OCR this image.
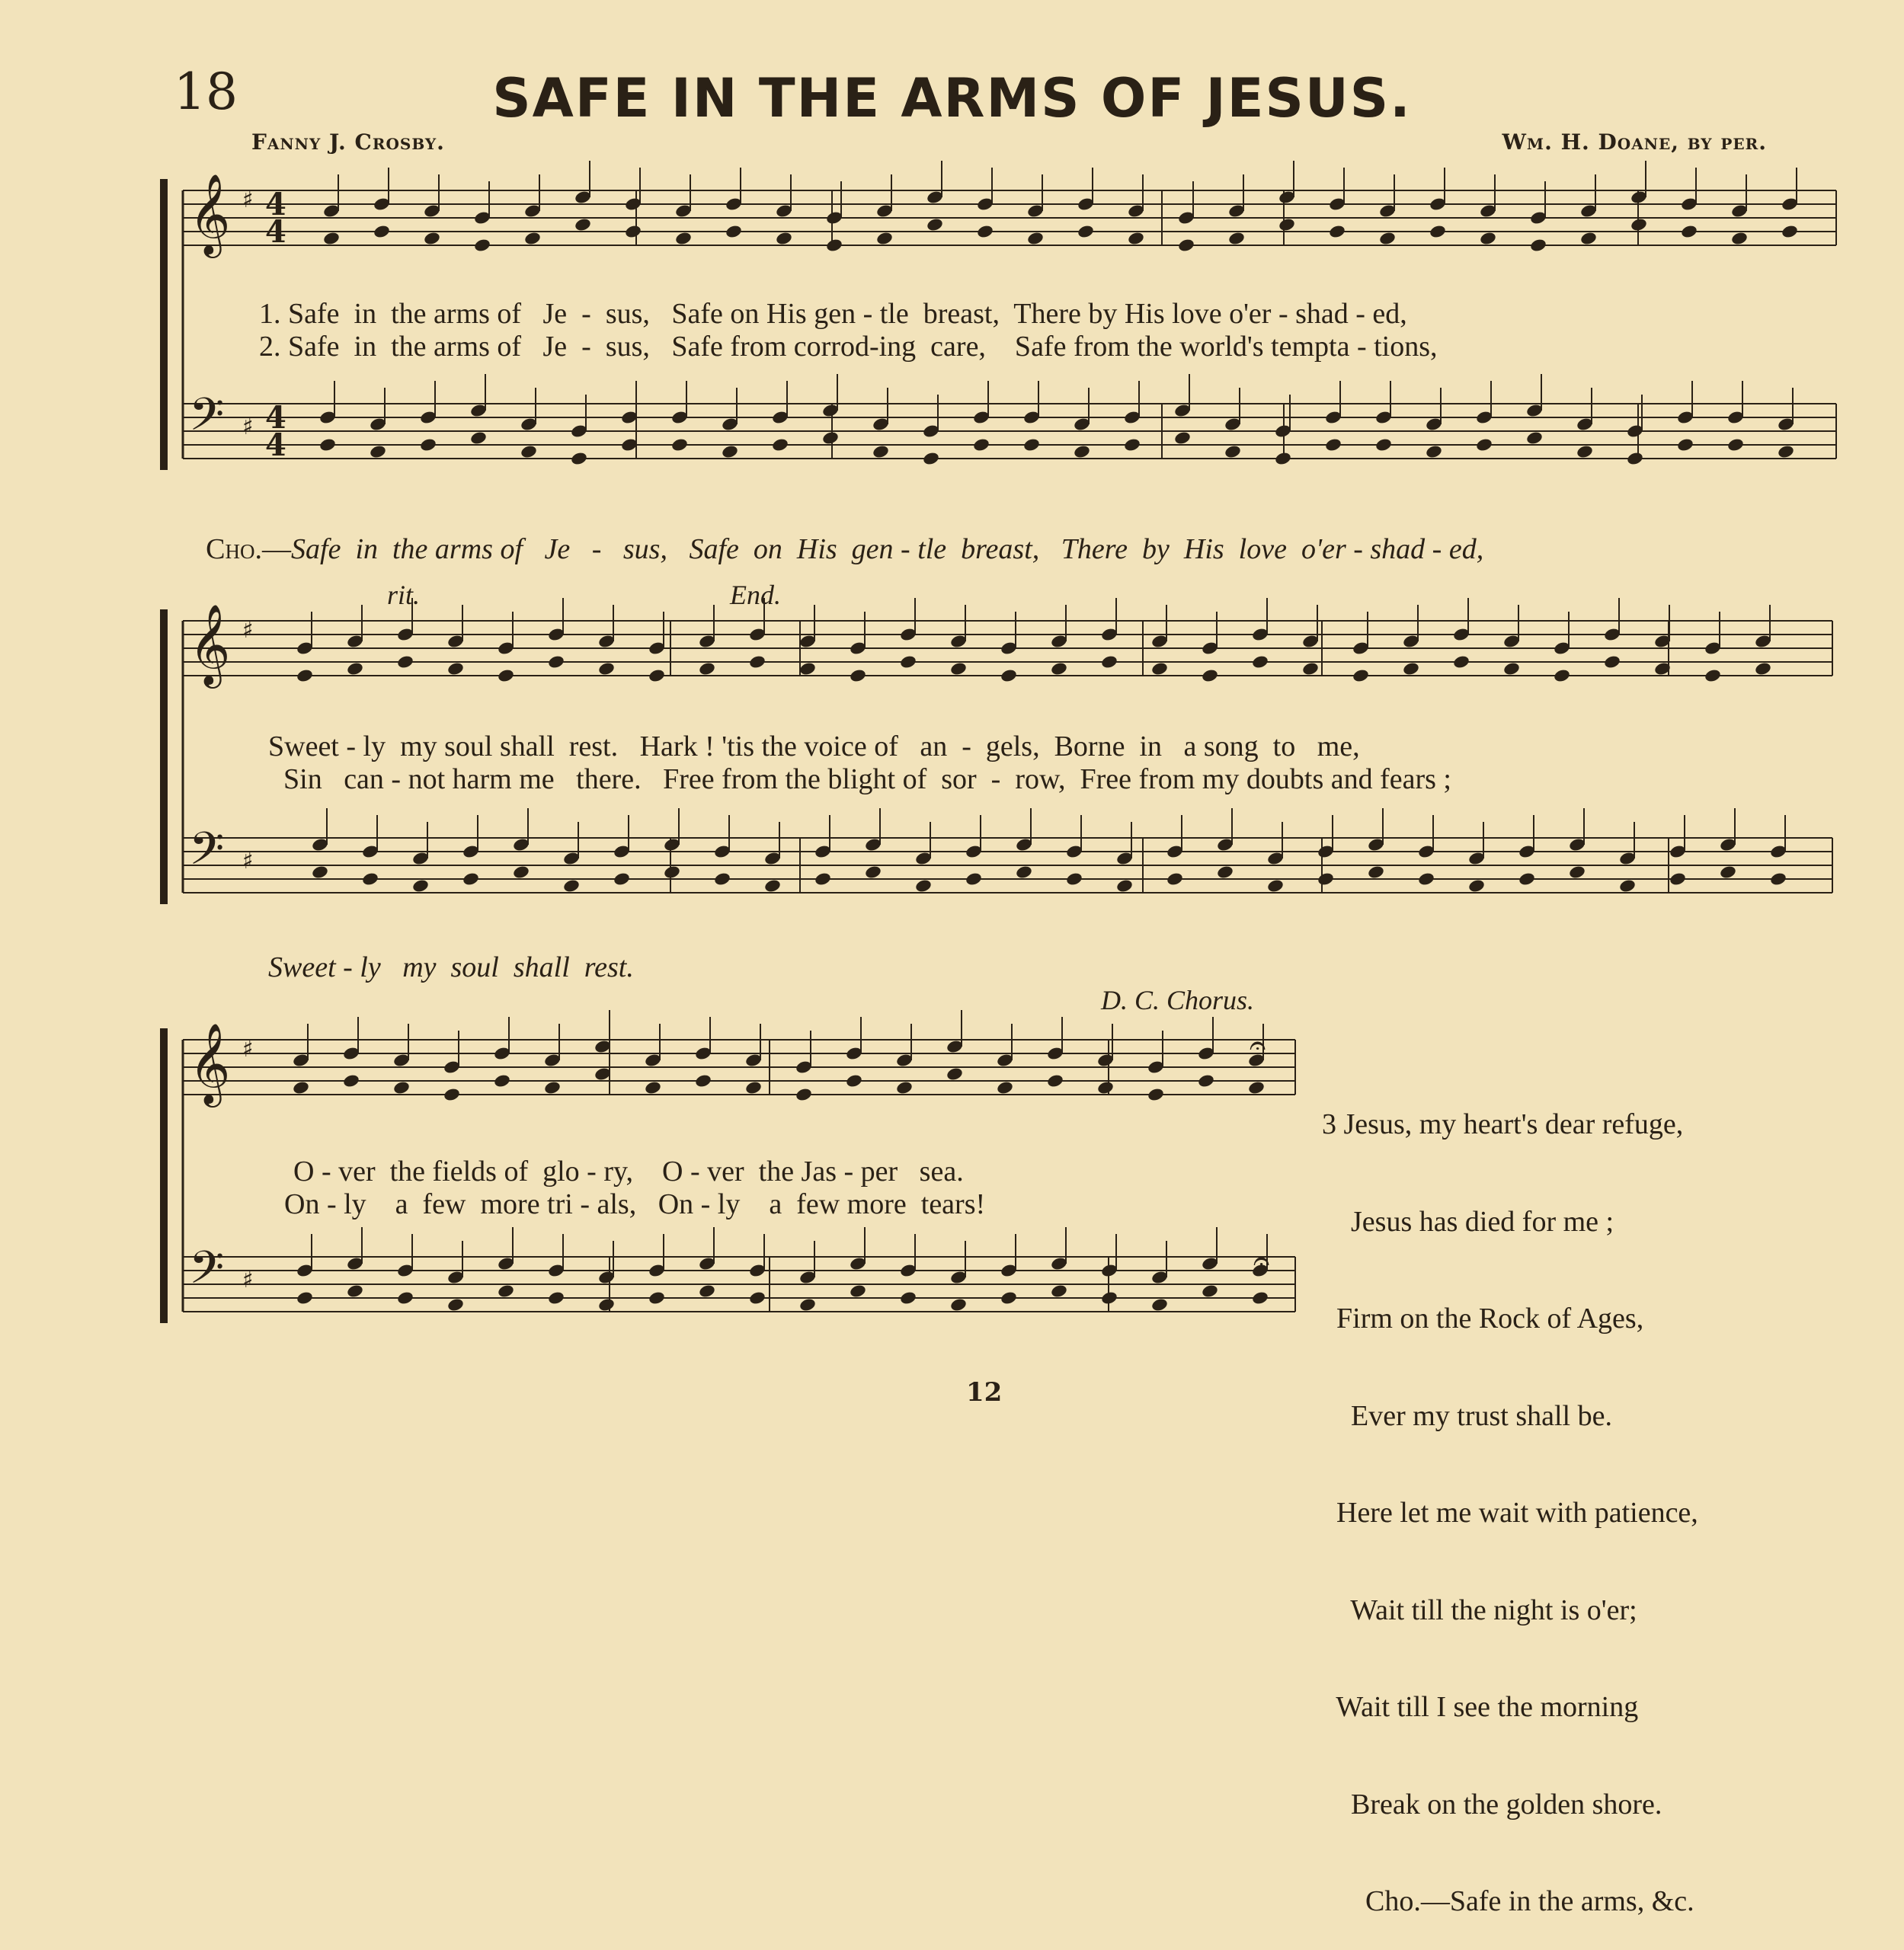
18	SAFE IN THE ARMS OF JESUS.
Fanny J. Crosby.	Wm. H. Doane, by per.
𝄞
𝄢
♯
♯
4
4
4
4
𝄞
𝄢
♯
♯
𝄞
𝄢
♯
♯
𝄐
𝄐
1. Safe  in  the arms of   Je  -  sus,   Safe on His gen - tle  breast,  There by His love o'er - shad - ed,
2. Safe  in  the arms of   Je  -  sus,   Safe from corrod-ing  care,    Safe from the world's tempta - tions,

Cho.—Safe  in  the arms of   Je   -   sus,   Safe  on  His  gen - tle  breast,   There  by  His  love  o'er - shad - ed,

rit.	End.
Sweet - ly  my soul shall  rest.   Hark ! 'tis the voice of   an  -  gels,  Borne  in   a song  to   me,
Sin   can - not harm me   there.   Free from the blight of  sor  -  row,  Free from my doubts and fears ;
Sweet - ly   my  soul  shall  rest.
D. C. Chorus.
O - ver  the fields of  glo - ry,    O - ver  the Jas - per   sea.
On - ly    a  few  more tri - als,   On - ly    a  few more  tears!

3 Jesus, my heart's dear refuge,

Jesus has died for me ;

Firm on the Rock of Ages,

Ever my trust shall be.

Here let me wait with patience,

Wait till the night is o'er;

Wait till I see the morning

Break on the golden shore.

Cho.—Safe in the arms, &c.

12
